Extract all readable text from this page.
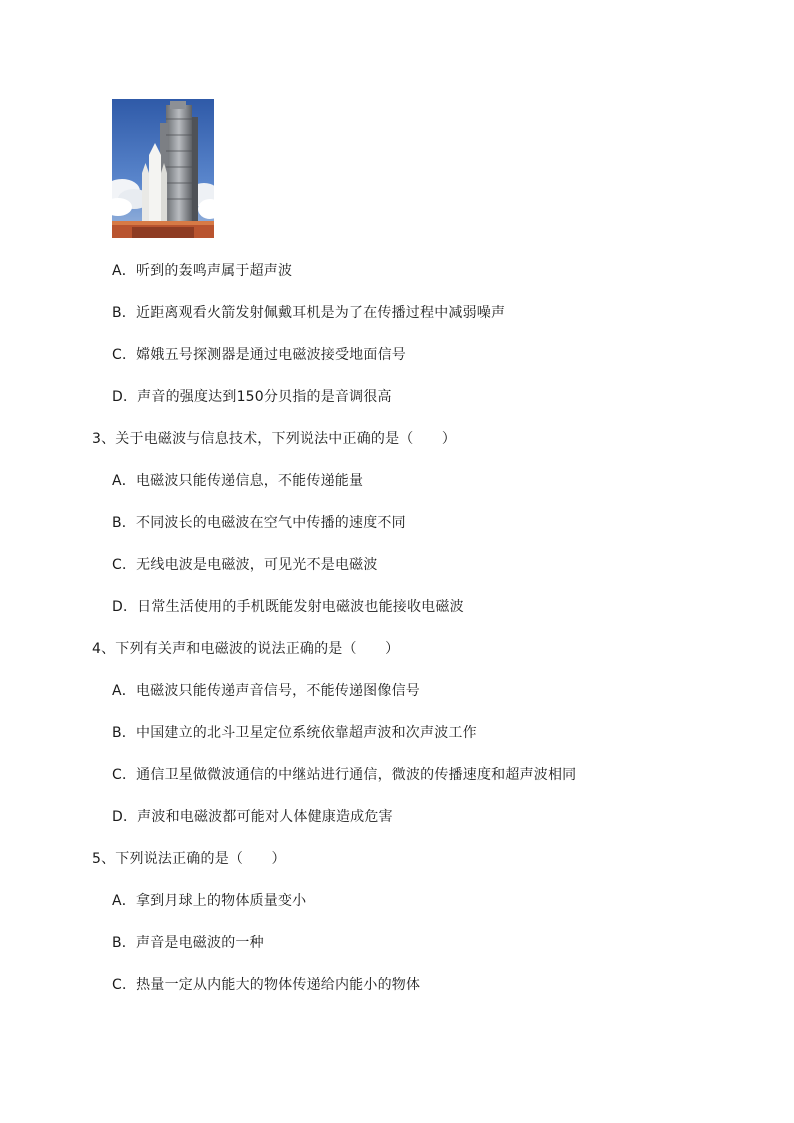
A．听到的轰鸣声属于超声波
B．近距离观看火箭发射佩戴耳机是为了在传播过程中减弱噪声
C．嫦娥五号探测器是通过电磁波接受地面信号
D．声音的强度达到150分贝指的是音调很高
3、关于电磁波与信息技术，下列说法中正确的是（　　）
A．电磁波只能传递信息，不能传递能量
B．不同波长的电磁波在空气中传播的速度不同
C．无线电波是电磁波，可见光不是电磁波
D．日常生活使用的手机既能发射电磁波也能接收电磁波
4、下列有关声和电磁波的说法正确的是（　　）
A．电磁波只能传递声音信号，不能传递图像信号
B．中国建立的北斗卫星定位系统依靠超声波和次声波工作
C．通信卫星做微波通信的中继站进行通信，微波的传播速度和超声波相同
D．声波和电磁波都可能对人体健康造成危害
5、下列说法正确的是（　　）
A．拿到月球上的物体质量变小
B．声音是电磁波的一种
C．热量一定从内能大的物体传递给内能小的物体
